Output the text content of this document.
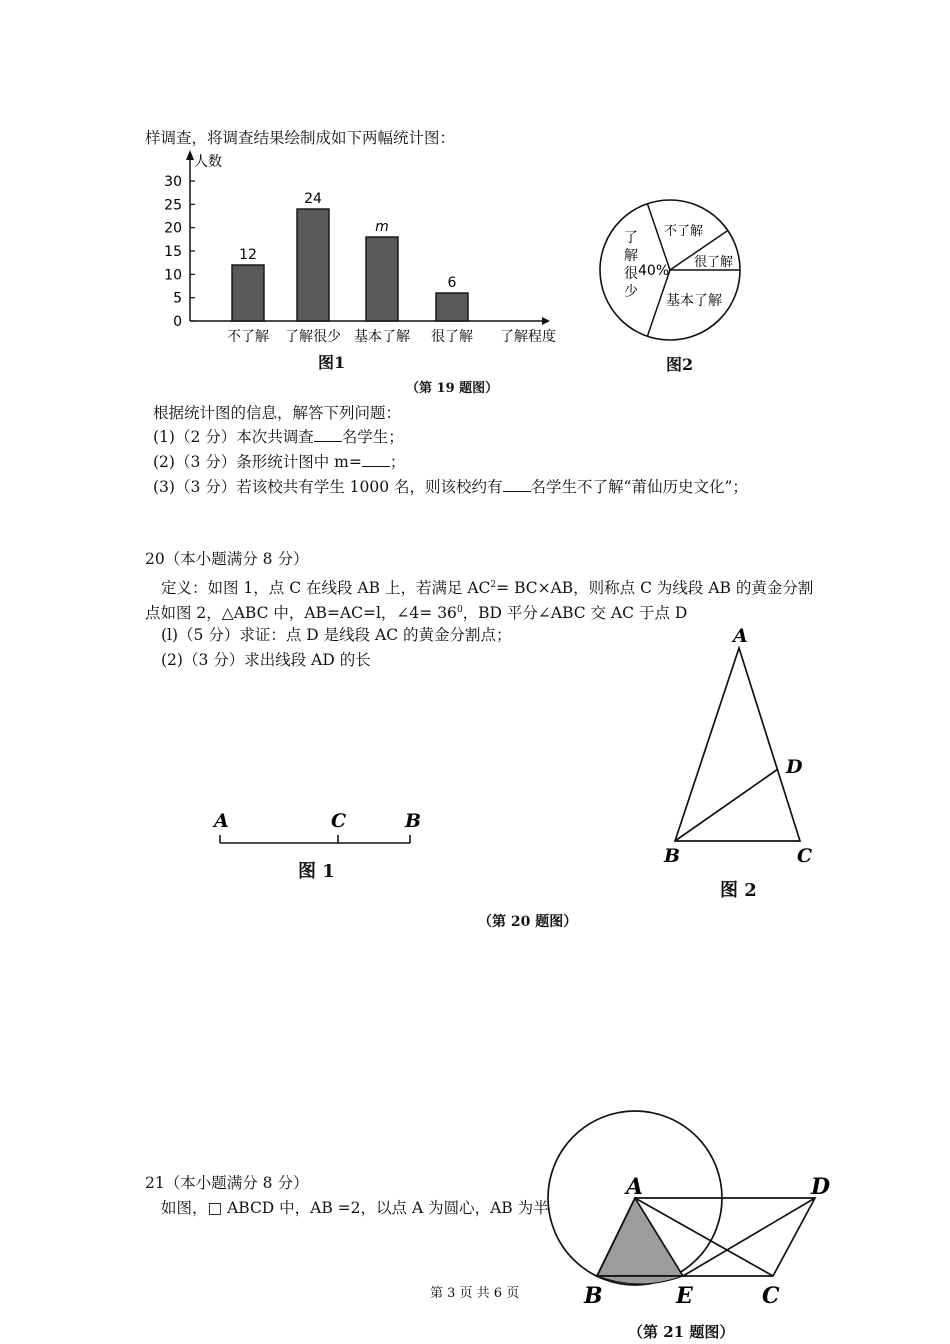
样调查，将调查结果绘制成如下两幅统计图：
0
5
10
15
20
25
30
人数
了解程度
12
不了解
24
了解很少
m
基本了解
6
很了解
图1
了
解
很
少
40%
不了解
很了解
基本了解
图2
（第 19 题图）
根据统计图的信息，解答下列问题：
(1)（2 分）本次共调查 名学生；
(2)（3 分）条形统计图中 m= ；
(3)（3 分）若该校共有学生 1000 名，则该校约有 名学生不了解“莆仙历史文化”；
20（本小题满分 8 分）
定义：如图 1，点 C 在线段 AB 上，若满足 $AC^2= BC\times AB$，则称点 C 为线段 AB 的黄金分割
点如图 2，△ABC 中，AB=AC=l，∠4= $36^0$，BD 平分∠ABC 交 AC 于点 D
(l)（5 分）求证：点 D 是线段 AC 的黄金分割点；
(2)（3 分）求出线段 AD 的长
A	C	B
图 1
A
D
B	C
图 2
（第 20 题图）
21（本小题满分 8 分）
如图，□ ABCD 中，AB =2，以点 A 为圆心，AB 为半
A	D
B	E	C
（第 21 题图）
第 3 页 共 6 页
